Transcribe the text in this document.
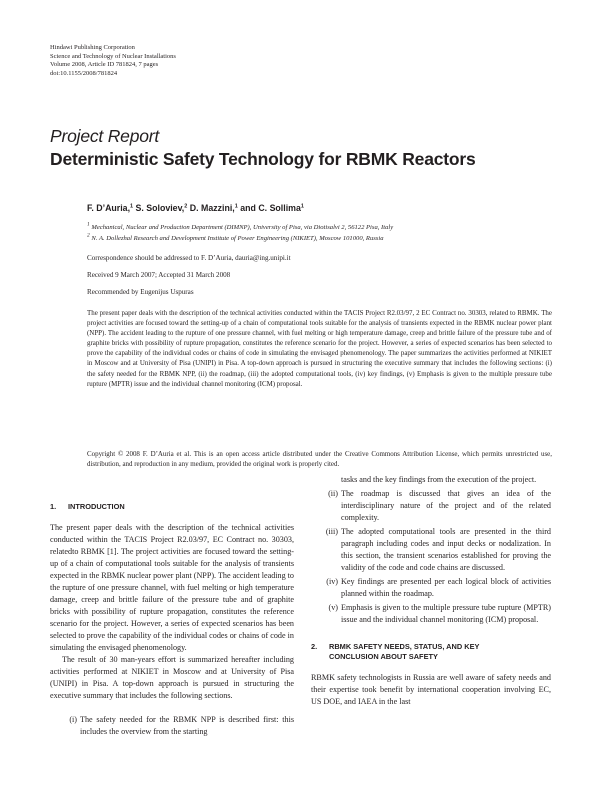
Hindawi Publishing Corporation
Science and Technology of Nuclear Installations
Volume 2008, Article ID 781824, 7 pages
doi:10.1155/2008/781824
Project Report
Deterministic Safety Technology for RBMK Reactors
F. D’Auria,$^1$ S. Soloviev,$^2$ D. Mazzini,$^1$ and C. Sollima$^1$
$^1$ Mechanical, Nuclear and Production Department (DIMNP), University of Pisa, via Diotisalvi 2, 56122 Pisa, Italy
$^2$ N. A. Dollezhal Research and Development Institute of Power Engineering (NIKIET), Moscow 101000, Russia
Correspondence should be addressed to F. D’Auria, dauria@ing.unipi.it
Received 9 March 2007; Accepted 31 March 2008
Recommended by Eugenijus Uspuras
The present paper deals with the description of the technical activities conducted within the TACIS Project R2.03/97, 2 EC Contract no. 30303, related to RBMK. The project activities are focused toward the setting-up of a chain of computational tools suitable for the analysis of transients expected in the RBMK nuclear power plant (NPP). The accident leading to the rupture of one pressure channel, with fuel melting or high temperature damage, creep and brittle failure of the pressure tube and of graphite bricks with possibility of rupture propagation, constitutes the reference scenario for the project. However, a series of expected scenarios has been selected to prove the capability of the individual codes or chains of code in simulating the envisaged phenomenology. The paper summarizes the activities performed at NIKIET in Moscow and at University of Pisa (UNIPI) in Pisa. A top-down approach is pursued in structuring the executive summary that includes the following sections: (i) the safety needed for the RBMK NPP, (ii) the roadmap, (iii) the adopted computational tools, (iv) key findings, (v) Emphasis is given to the multiple pressure tube rupture (MPTR) issue and the individual channel monitoring (ICM) proposal.
Copyright © 2008 F. D’Auria et al. This is an open access article distributed under the Creative Commons Attribution License, which permits unrestricted use, distribution, and reproduction in any medium, provided the original work is properly cited.
1. INTRODUCTION

The present paper deals with the description of the technical activities conducted within the TACIS Project R2.03/97, EC Contract no. 30303, relatedto RBMK [1]. The project activities are focused toward the setting-up of a chain of computational tools suitable for the analysis of transients expected in the RBMK nuclear power plant (NPP). The accident leading to the rupture of one pressure channel, with fuel melting or high temperature damage, creep and brittle failure of the pressure tube and of graphite bricks with possibility of rupture propagation, constitutes the reference scenario for the project. However, a series of expected scenarios has been selected to prove the capability of the individual codes or chains of code in simulating the envisaged phenomenology.

The result of 30 man-years effort is summarized hereafter including activities performed at NIKIET in Moscow and at University of Pisa (UNIPI) in Pisa. A top-down approach is pursued in structuring the executive summary that includes the following sections.

(i) The safety needed for the RBMK NPP is described first: this includes the overview from the starting
tasks and the key findings from the execution of the project.
(ii) The roadmap is discussed that gives an idea of the interdisciplinary nature of the project and of the related complexity.
(iii) The adopted computational tools are presented in the third paragraph including codes and input decks or nodalization. In this section, the transient scenarios established for proving the validity of the code and code chains are discussed.
(iv) Key findings are presented per each logical block of activities planned within the roadmap.
(v) Emphasis is given to the multiple pressure tube rupture (MPTR) issue and the individual channel monitoring (ICM) proposal.
2. RBMK SAFETY NEEDS, STATUS, AND KEY
CONCLUSION ABOUT SAFETY

RBMK safety technologists in Russia are well aware of safety needs and their expertise took benefit by international cooperation involving EC, US DOE, and IAEA in the last
